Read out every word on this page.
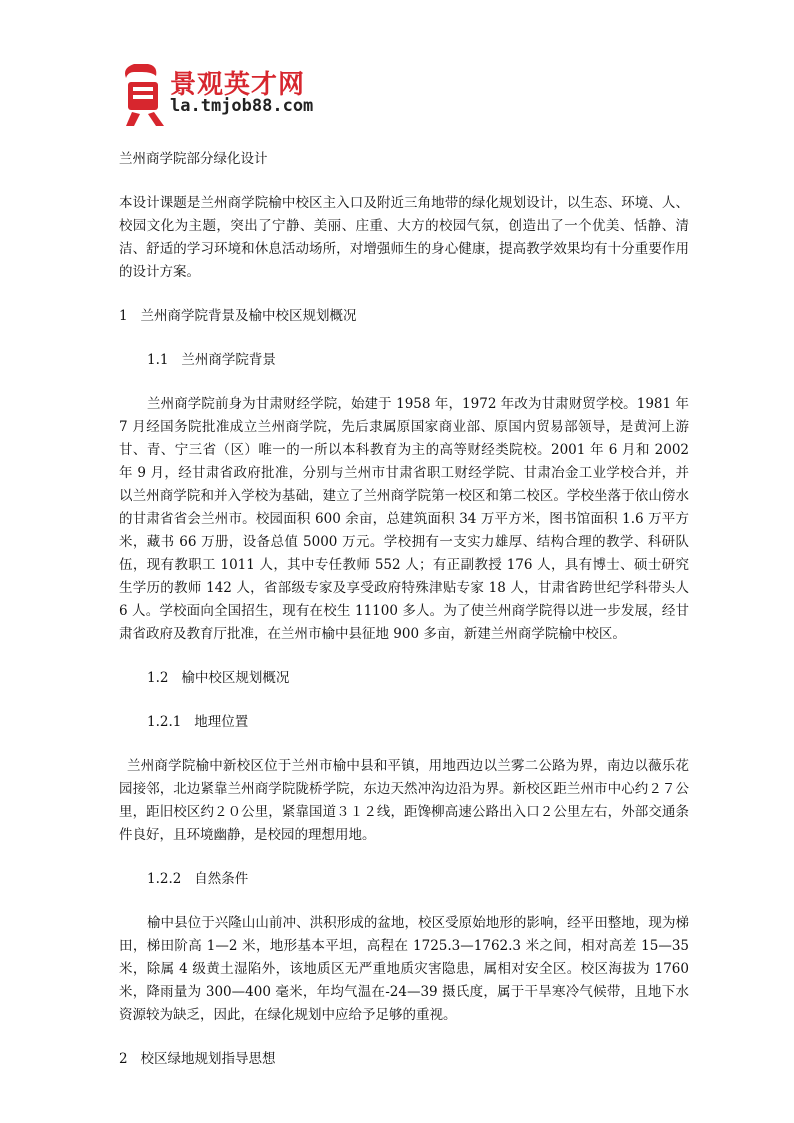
景观英才网
la.tmjob88.com

兰州商学院部分绿化设计

本设计课题是兰州商学院榆中校区主入口及附近三角地带的绿化规划设计，以生态、环境、人、校园文化为主题，突出了宁静、美丽、庄重、大方的校园气氛，创造出了一个优美、恬静、清洁、舒适的学习环境和休息活动场所，对增强师生的身心健康，提高教学效果均有十分重要作用的设计方案。

1   兰州商学院背景及榆中校区规划概况

1.1   兰州商学院背景

兰州商学院前身为甘肃财经学院，始建于 1958 年，1972 年改为甘肃财贸学校。1981 年 7 月经国务院批准成立兰州商学院，先后隶属原国家商业部、原国内贸易部领导，是黄河上游甘、青、宁三省（区）唯一的一所以本科教育为主的高等财经类院校。2001 年 6 月和 2002 年 9 月，经甘肃省政府批准，分别与兰州市甘肃省职工财经学院、甘肃冶金工业学校合并，并以兰州商学院和并入学校为基础，建立了兰州商学院第一校区和第二校区。学校坐落于依山傍水的甘肃省省会兰州市。校园面积 600 余亩，总建筑面积 34 万平方米，图书馆面积 1.6 万平方米，藏书 66 万册，设备总值 5000 万元。学校拥有一支实力雄厚、结构合理的教学、科研队伍，现有教职工 1011 人，其中专任教师 552 人；有正副教授 176 人，具有博士、硕士研究生学历的教师 142 人，省部级专家及享受政府特殊津贴专家 18 人，甘肃省跨世纪学科带头人 6 人。学校面向全国招生，现有在校生 11100 多人。为了使兰州商学院得以进一步发展，经甘肃省政府及教育厅批准，在兰州市榆中县征地 900 多亩，新建兰州商学院榆中校区。

1.2   榆中校区规划概况

1.2.1   地理位置

兰州商学院榆中新校区位于兰州市榆中县和平镇，用地西边以兰雾二公路为界，南边以薇乐花园接邻，北边紧靠兰州商学院陇桥学院，东边天然冲沟边沿为界。新校区距兰州市中心约２７公里，距旧校区约２０公里，紧靠国道３１２线，距馋柳高速公路出入口２公里左右，外部交通条件良好，且环境幽静，是校园的理想用地。

1.2.2   自然条件

榆中县位于兴隆山山前冲、洪积形成的盆地，校区受原始地形的影响，经平田整地，现为梯田，梯田阶高 1—2 米，地形基本平坦，高程在 1725.3—1762.3 米之间，相对高差 15—35 米，除属 4 级黄土湿陷外，该地质区无严重地质灾害隐患，属相对安全区。校区海拔为 1760 米，降雨量为 300—400 毫米，年均气温在-24—39 摄氏度，属于干旱寒冷气候带，且地下水资源较为缺乏，因此，在绿化规划中应给予足够的重视。

2   校区绿地规划指导思想
